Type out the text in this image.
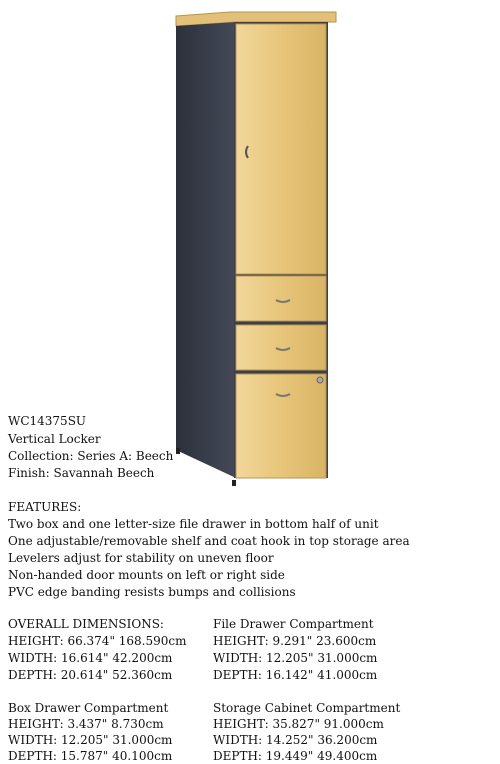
WC14375SU
Vertical Locker
Collection: Series A: Beech
Finish: Savannah Beech
FEATURES:
Two box and one letter-size file drawer in bottom half of unit
One adjustable/removable shelf and coat hook in top storage area
Levelers adjust for stability on uneven floor
Non-handed door mounts on left or right side
PVC edge banding resists bumps and collisions
OVERALL DIMENSIONS:
HEIGHT: 66.374" 168.590cm
WIDTH: 16.614" 42.200cm
DEPTH: 20.614" 52.360cm
File Drawer Compartment
HEIGHT: 9.291" 23.600cm
WIDTH: 12.205" 31.000cm
DEPTH: 16.142" 41.000cm
Box Drawer Compartment
HEIGHT: 3.437" 8.730cm
WIDTH: 12.205" 31.000cm
DEPTH: 15.787" 40.100cm
Storage Cabinet Compartment
HEIGHT: 35.827" 91.000cm
WIDTH: 14.252" 36.200cm
DEPTH: 19.449" 49.400cm
